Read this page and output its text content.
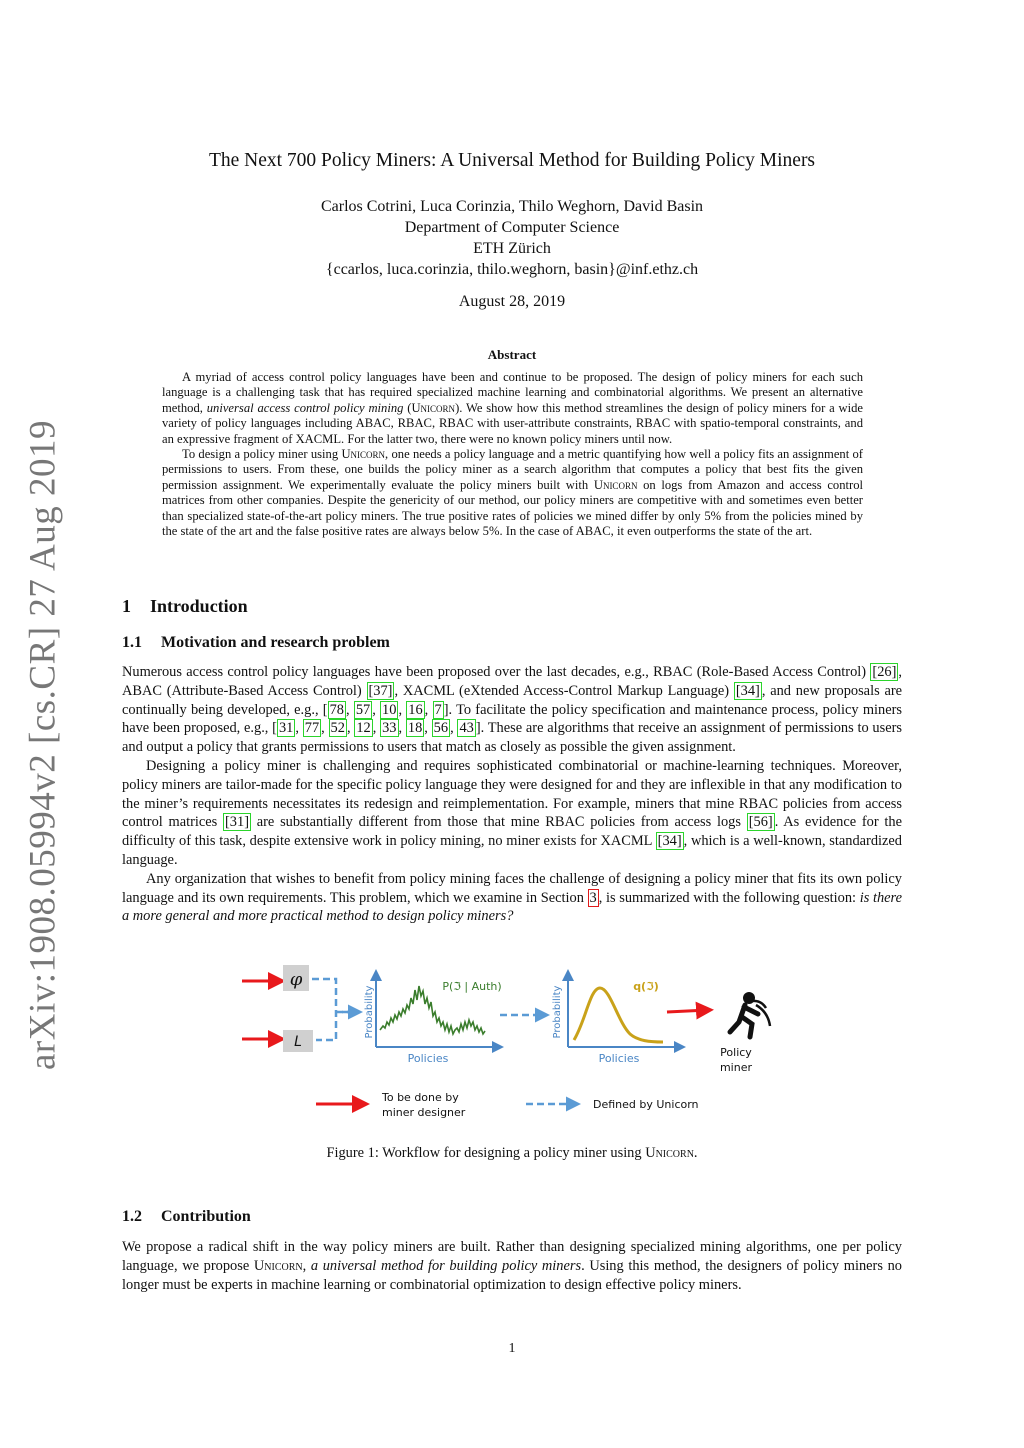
arXiv:1908.05994v2 [cs.CR] 27 Aug 2019
The Next 700 Policy Miners: A Universal Method for Building Policy Miners
Carlos Cotrini, Luca Corinzia, Thilo Weghorn, David Basin
Department of Computer Science
ETH Zürich
{ccarlos, luca.corinzia, thilo.weghorn, basin}@inf.ethz.ch
August 28, 2019
Abstract

A myriad of access control policy languages have been and continue to be proposed. The design of policy miners for each such language is a challenging task that has required specialized machine learning and combinatorial algorithms. We present an alternative method, universal access control policy mining (Unicorn). We show how this method streamlines the design of policy miners for a wide variety of policy languages including ABAC, RBAC, RBAC with user-attribute constraints, RBAC with spatio-temporal constraints, and an expressive fragment of XACML. For the latter two, there were no known policy miners until now.

To design a policy miner using Unicorn, one needs a policy language and a metric quantifying how well a policy fits an assignment of permissions to users. From these, one builds the policy miner as a search algorithm that computes a policy that best fits the given permission assignment. We experimentally evaluate the policy miners built with Unicorn on logs from Amazon and access control matrices from other companies. Despite the genericity of our method, our policy miners are competitive with and sometimes even better than specialized state-of-the-art policy miners. The true positive rates of policies we mined differ by only 5% from the policies mined by the state of the art and the false positive rates are always below 5%. In the case of ABAC, it even outperforms the state of the art.

1 Introduction
1.1 Motivation and research problem

Numerous access control policy languages have been proposed over the last decades, e.g., RBAC (Role-Based Access Control) [26] , ABAC (Attribute-Based Access Control) [37] , XACML (eXtended Access-Control Markup Language) [34] , and new proposals are continually being developed, e.g., [ 78 , 57 , 10 , 16 , 7 ]. To facilitate the policy specification and maintenance process, policy miners have been proposed, e.g., [ 31 , 77 , 52 , 12 , 33 , 18 , 56 , 43 ]. These are algorithms that receive an assignment of permissions to users and output a policy that grants permissions to users that match as closely as possible the given assignment.

Designing a policy miner is challenging and requires sophisticated combinatorial or machine-learning techniques. Moreover, policy miners are tailor-made for the specific policy language they were designed for and they are inflexible in that any modification to the miner’s requirements necessitates its redesign and reimplementation. For example, miners that mine RBAC policies from access control matrices [31] are substantially different from those that mine RBAC policies from access logs [56] . As evidence for the difficulty of this task, despite extensive work in policy mining, no miner exists for XACML [34] , which is a well-known, standardized language.

Any organization that wishes to benefit from policy mining faces the challenge of designing a policy miner that fits its own policy language and its own requirements. This problem, which we examine in Section 3 , is summarized with the following question: is there a more general and more practical method to design policy miners?

φ
L
Probability
Policies
P(ℑ | Auth)	Probability
Policies
q(ℑ)
Policy
miner
To be done by
miner designer
Defined by Unicorn
Figure 1: Workflow for designing a policy miner using Unicorn.
1.2 Contribution

We propose a radical shift in the way policy miners are built. Rather than designing specialized mining algorithms, one per policy language, we propose Unicorn, a universal method for building policy miners. Using this method, the designers of policy miners no longer must be experts in machine learning or combinatorial optimization to design effective policy miners.

1
